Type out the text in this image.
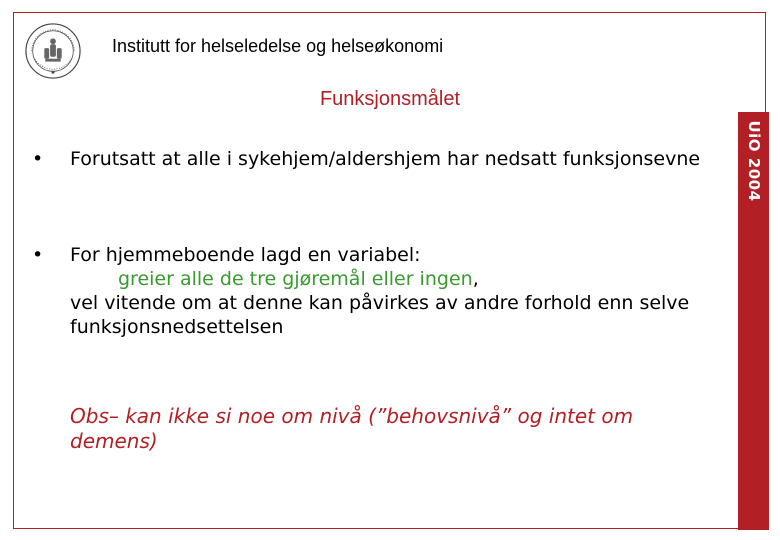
UiO 2004
Institutt for helseledelse og helseøkonomi
Funksjonsmålet
• Forutsatt at alle i sykehjem/aldershjem har nedsatt funksjonsevne
• For hjemmeboende lagd en variabel:
greier alle de tre gjøremål eller ingen,
vel vitende om at denne kan påvirkes av andre forhold enn selve funksjonsnedsettelsen
Obs– kan ikke si noe om nivå (”behovsnivå” og intet om demens)
